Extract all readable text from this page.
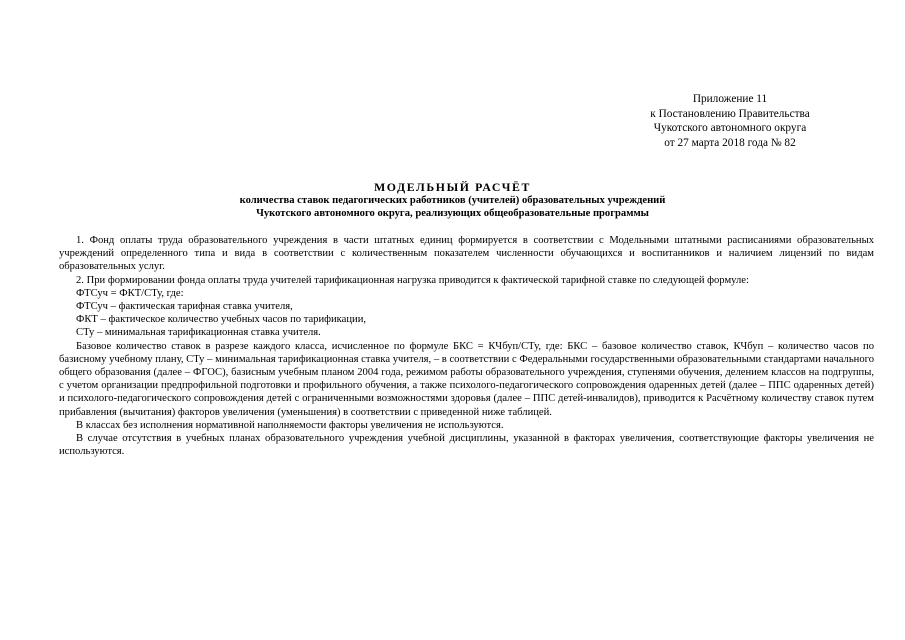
Приложение 11
к Постановлению Правительства
Чукотского автономного округа
от 27 марта 2018 года № 82
МОДЕЛЬНЫЙ РАСЧЁТ
количества ставок педагогических работников (учителей) образовательных учреждений
Чукотского автономного округа, реализующих общеобразовательные программы

1. Фонд оплаты труда образовательного учреждения в части штатных единиц формируется в соответствии с Модельными штатными расписаниями образовательных учреждений определенного типа и вида в соответствии с количественным показателем численности обучающихся и воспитанников и наличием лицензий по видам образовательных услуг.

2. При формировании фонда оплаты труда учителей тарификационная нагрузка приводится к фактической тарифной ставке по следующей формуле:

ФТСуч = ФКТ/СТу, где:

ФТСуч – фактическая тарифная ставка учителя,

ФКТ – фактическое количество учебных часов по тарификации,

СТу – минимальная тарификационная ставка учителя.

Базовое количество ставок в разрезе каждого класса, исчисленное по формуле БКС = КЧбуп/СТу, где: БКС – базовое количество ставок, КЧбуп – количество часов по базисному учебному плану, СТу – минимальная тарификационная ставка учителя, – в соответствии с Федеральными государственными образовательными стандартами начального общего образования (далее – ФГОС), базисным учебным планом 2004 года, режимом работы образовательного учреждения, ступенями обучения, делением классов на подгруппы, с учетом организации предпрофильной подготовки и профильного обучения, а также психолого-педагогического сопровождения одаренных детей (далее – ППС одаренных детей) и психолого-педагогического сопровождения детей с ограниченными возможностями здоровья (далее – ППС детей-инвалидов), приводится к Расчётному количеству ставок путем прибавления (вычитания) факторов увеличения (уменьшения) в соответствии с приведенной ниже таблицей.

В классах без исполнения нормативной наполняемости факторы увеличения не используются.

В случае отсутствия в учебных планах образовательного учреждения учебной дисциплины, указанной в факторах увеличения, соответствующие факторы увеличения не используются.
